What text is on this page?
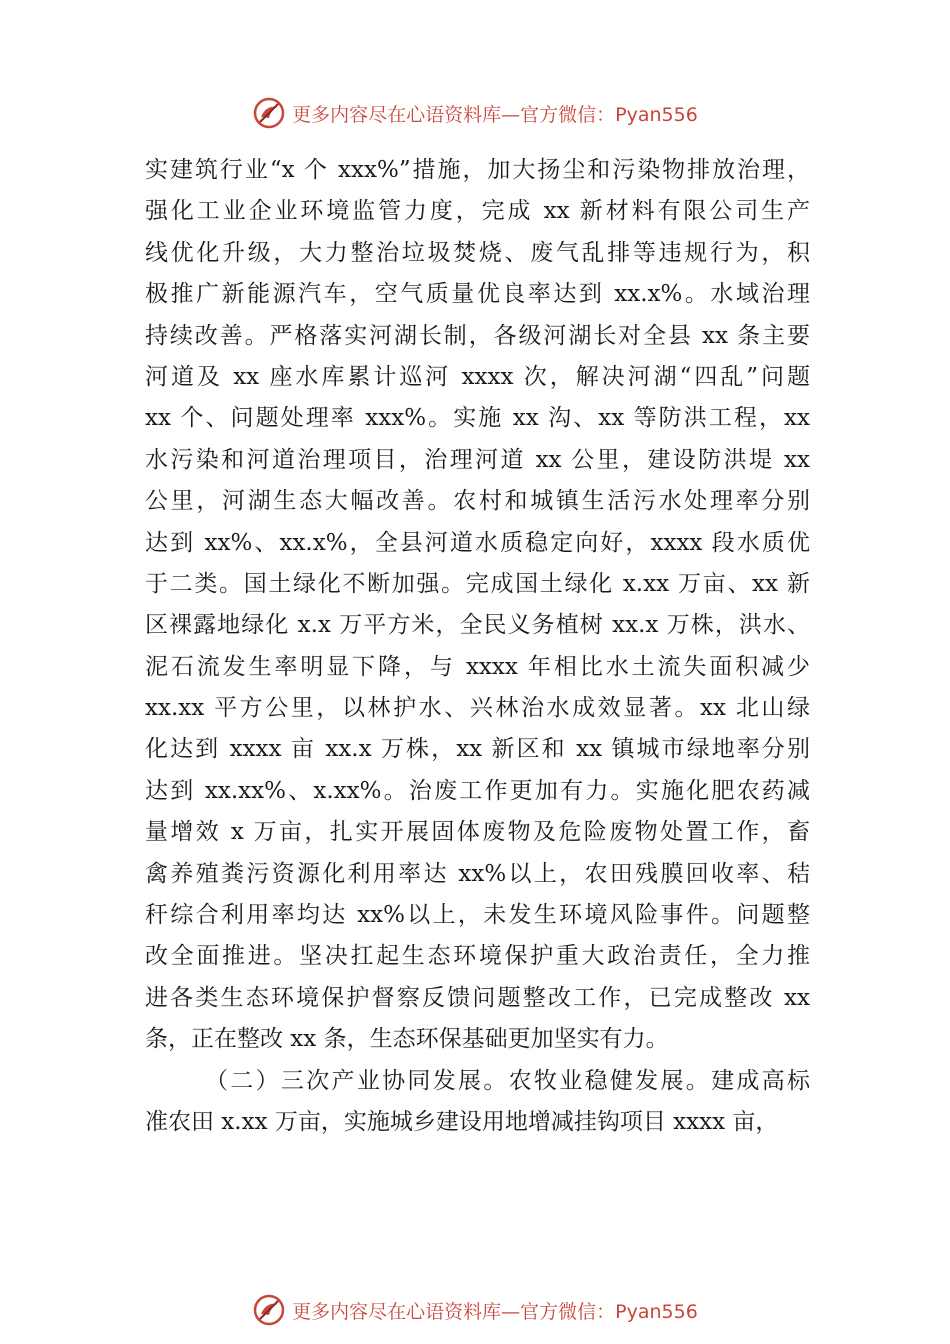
更多内容尽在心语资料库—官方微信：Pyan556
实建筑行业“x 个 xxx%”措施，加大扬尘和污染物排放治理，
强化工业企业环境监管力度，完成 xx 新材料有限公司生产
线优化升级，大力整治垃圾焚烧、废气乱排等违规行为，积
极推广新能源汽车，空气质量优良率达到 xx.x%。水域治理
持续改善。严格落实河湖长制，各级河湖长对全县 xx 条主要
河道及 xx 座水库累计巡河 xxxx 次，解决河湖“四乱”问题
xx 个、问题处理率 xxx%。实施 xx 沟、xx 等防洪工程，xx
水污染和河道治理项目，治理河道 xx 公里，建设防洪堤 xx
公里，河湖生态大幅改善。农村和城镇生活污水处理率分别
达到 xx%、xx.x%，全县河道水质稳定向好，xxxx 段水质优
于二类。国土绿化不断加强。完成国土绿化 x.xx 万亩、xx 新
区裸露地绿化 x.x 万平方米，全民义务植树 xx.x 万株，洪水、
泥石流发生率明显下降，与 xxxx 年相比水土流失面积减少
xx.xx 平方公里，以林护水、兴林治水成效显著。xx 北山绿
化达到 xxxx 亩 xx.x 万株，xx 新区和 xx 镇城市绿地率分别
达到 xx.xx%、x.xx%。治废工作更加有力。实施化肥农药减
量增效 x 万亩，扎实开展固体废物及危险废物处置工作，畜
禽养殖粪污资源化利用率达 xx%以上，农田残膜回收率、秸
秆综合利用率均达 xx%以上，未发生环境风险事件。问题整
改全面推进。坚决扛起生态环境保护重大政治责任，全力推
进各类生态环境保护督察反馈问题整改工作，已完成整改 xx
条，正在整改 xx 条，生态环保基础更加坚实有力。
（二）三次产业协同发展。农牧业稳健发展。建成高标
准农田 x.xx 万亩，实施城乡建设用地增减挂钩项目 xxxx 亩，
更多内容尽在心语资料库—官方微信：Pyan556
